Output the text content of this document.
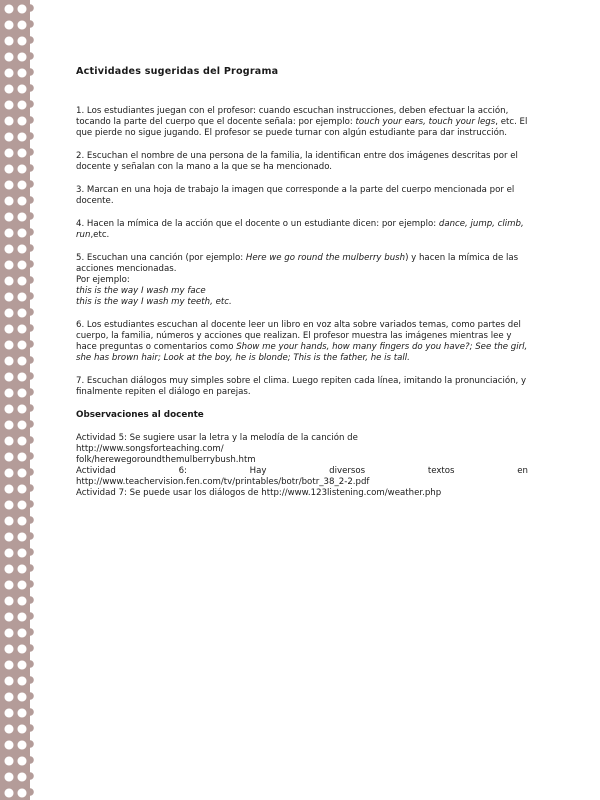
Actividades sugeridas del Programa

1. Los estudiantes juegan con el profesor: cuando escuchan instrucciones, deben efectuar la acción, tocando la parte del cuerpo que el docente señala: por ejemplo: touch your ears, touch your legs, etc. El que pierde no sigue jugando. El profesor se puede turnar con algún estudiante para dar instrucción.

2. Escuchan el nombre de una persona de la familia, la identifican entre dos imágenes descritas por el docente y señalan con la mano a la que se ha mencionado.

3. Marcan en una hoja de trabajo la imagen que corresponde a la parte del cuerpo mencionada por el docente.

4. Hacen la mímica de la acción que el docente o un estudiante dicen: por ejemplo: dance, jump, climb, run,etc.

5. Escuchan una canción (por ejemplo: Here we go round the mulberry bush) y hacen la mímica de las acciones mencionadas.
Por ejemplo:
this is the way I wash my face
this is the way I wash my teeth, etc.

6. Los estudiantes escuchan al docente leer un libro en voz alta sobre variados temas, como partes del cuerpo, la familia, números y acciones que realizan. El profesor muestra las imágenes mientras lee y hace preguntas o comentarios como Show me your hands, how many fingers do you have?; See the girl,
she has brown hair; Look at the boy, he is blonde; This is the father, he is tall.

7. Escuchan diálogos muy simples sobre el clima. Luego repiten cada línea, imitando la pronunciación, y finalmente repiten el diálogo en parejas.

Observaciones al docente

Actividad 5: Se sugiere usar la letra y la melodía de la canción de
http://www.songsforteaching.com/
folk/herewegoroundthemulberrybush.htm

Actividad	6:	Hay	diversos	textos	en

http://www.teachervision.fen.com/tv/printables/botr/botr_38_2-2.pdf

Actividad 7: Se puede usar los diálogos de http://www.123listening.com/weather.php
